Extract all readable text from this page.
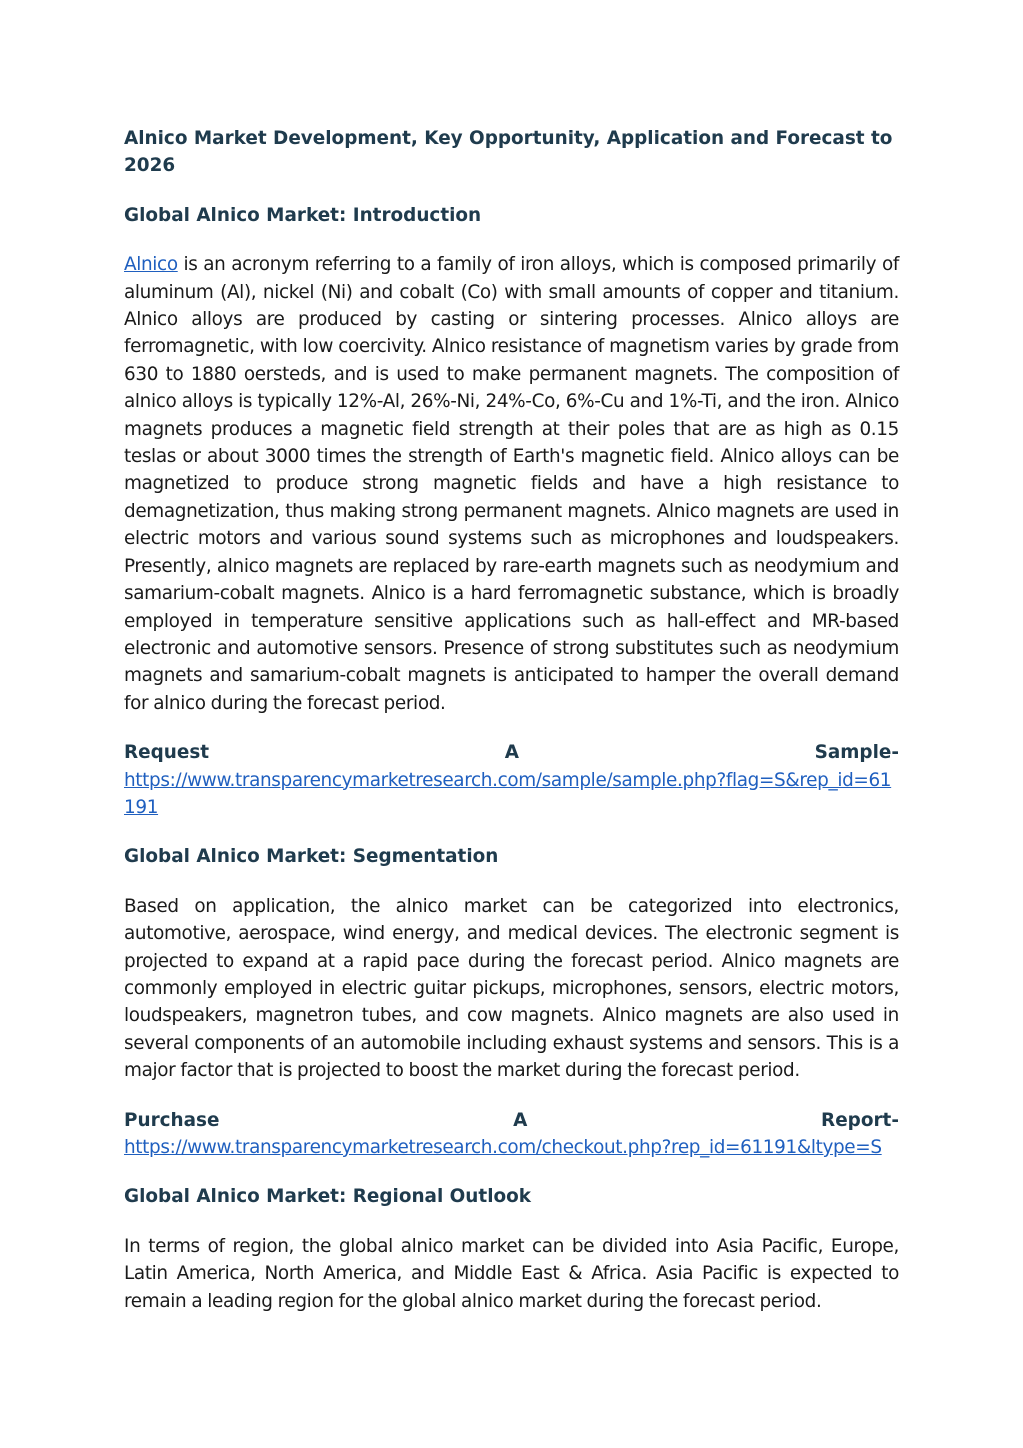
Alnico Market Development, Key Opportunity, Application and Forecast to 2026

Global Alnico Market: Introduction

Alnico is an acronym referring to a family of iron alloys, which is composed primarily of aluminum (Al), nickel (Ni) and cobalt (Co) with small amounts of copper and titanium. Alnico alloys are produced by casting or sintering processes. Alnico alloys are ferromagnetic, with low coercivity. Alnico resistance of magnetism varies by grade from 630 to 1880 oersteds, and is used to make permanent magnets. The composition of alnico alloys is typically 12%-Al, 26%-Ni, 24%-Co, 6%-Cu and 1%-Ti, and the iron. Alnico magnets produces a magnetic field strength at their poles that are as high as 0.15 teslas or about 3000 times the strength of Earth's magnetic field. Alnico alloys can be magnetized to produce strong magnetic fields and have a high resistance to demagnetization, thus making strong permanent magnets. Alnico magnets are used in electric motors and various sound systems such as microphones and loudspeakers. Presently, alnico magnets are replaced by rare-earth magnets such as neodymium and samarium-cobalt magnets. Alnico is a hard ferromagnetic substance, which is broadly employed in temperature sensitive applications such as hall-effect and MR-based electronic and automotive sensors. Presence of strong substitutes such as neodymium magnets and samarium-cobalt magnets is anticipated to hamper the overall demand for alnico during the forecast period.

Request	A	Sample-
https://www.transparencymarketresearch.com/sample/sample.php?flag=S&rep_id=61191

Global Alnico Market: Segmentation

Based on application, the alnico market can be categorized into electronics, automotive, aerospace, wind energy, and medical devices. The electronic segment is projected to expand at a rapid pace during the forecast period. Alnico magnets are commonly employed in electric guitar pickups, microphones, sensors, electric motors, loudspeakers, magnetron tubes, and cow magnets. Alnico magnets are also used in several components of an automobile including exhaust systems and sensors. This is a major factor that is projected to boost the market during the forecast period.

Purchase	A	Report-
https://www.transparencymarketresearch.com/checkout.php?rep_id=61191&ltype=S

Global Alnico Market: Regional Outlook

In terms of region, the global alnico market can be divided into Asia Pacific, Europe, Latin America, North America, and Middle East & Africa. Asia Pacific is expected to remain a leading region for the global alnico market during the forecast period.
